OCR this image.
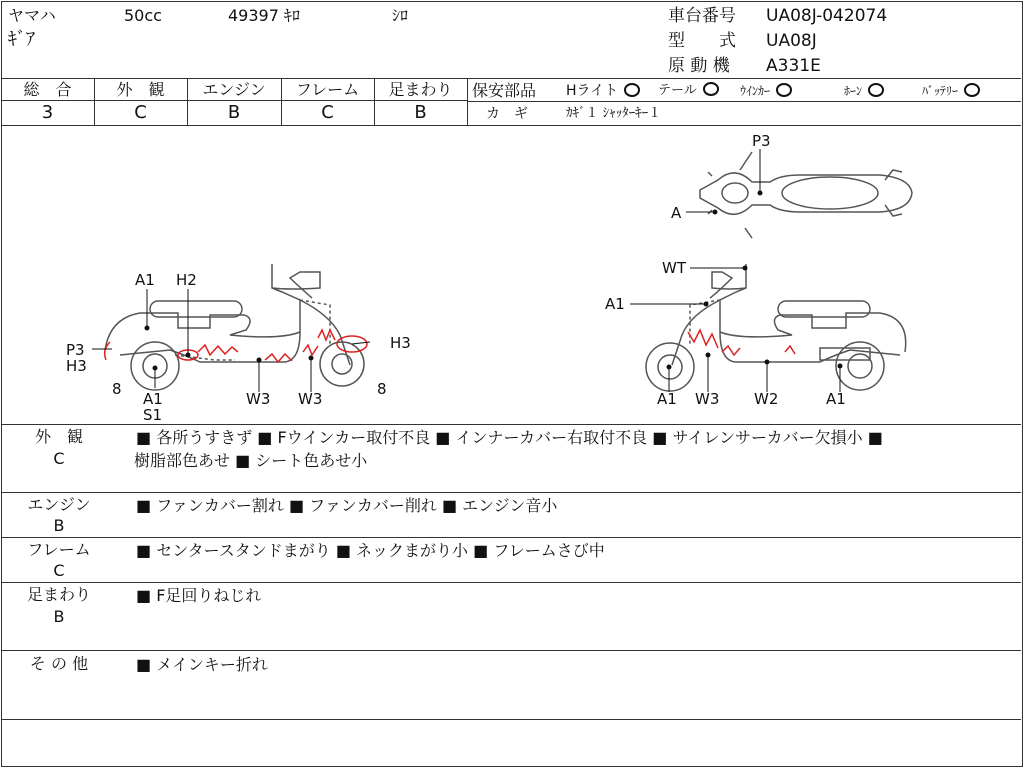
ヤマハ	50cc	49397 ｷﾛ	ｼﾛ
ｷﾞｱ
車台番号 UA08J-042074
型　　式 UA08J
原 動 機 A331E
総　合	外　観	エンジン	フレーム	足まわり
3	C	B	C	B
保安部品 Hライト	テール	ｳｲﾝｶｰ	ﾎｰﾝ	ﾊﾞｯﾃﾘｰ
カ　ギ	ｶｷﾞ１ ｼｬｯﾀｰｷｰ１
P3
A
A1 H2
P3
H3
H3
8	8
A1
S1
W3 W3
WT
A1
A1 W3 W2	A1
外　観
C
■ 各所うすきず ■ Fウインカー取付不良 ■ インナーカバー右取付不良 ■ サイレンサーカバー欠損小 ■
樹脂部色あせ ■ シート色あせ小
エンジン
B
■ ファンカバー割れ ■ ファンカバー削れ ■ エンジン音小
フレーム
C
■ センタースタンドまがり ■ ネックまがり小 ■ フレームさび中
足まわり
B
■ F足回りねじれ
そ の 他	■ メインキー折れ
